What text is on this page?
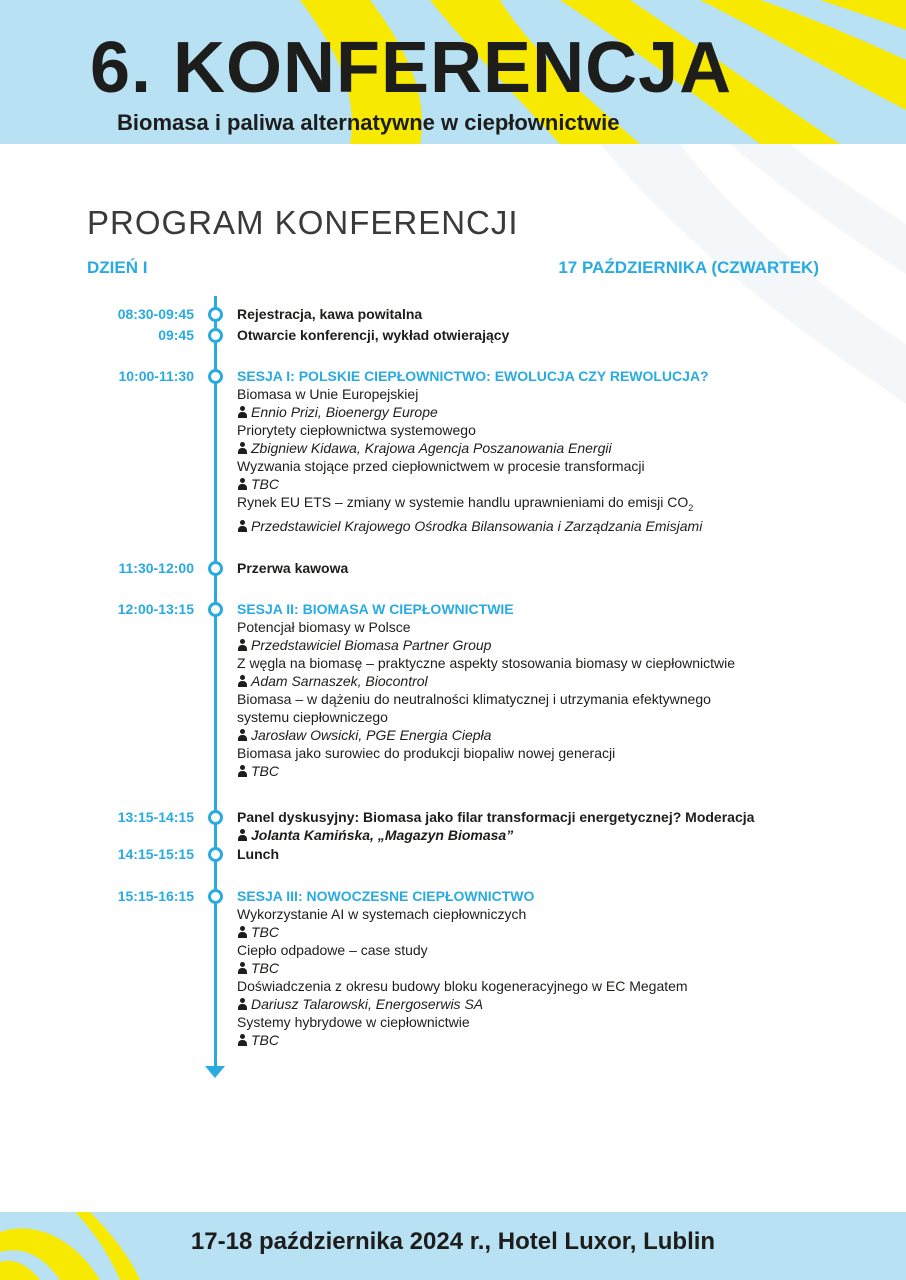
6. KONFERENCJA
Biomasa i paliwa alternatywne w ciepłownictwie
PROGRAM KONFERENCJI
DZIEŃ I	17 PAŹDZIERNIKA (CZWARTEK)
08:30-09:45	Rejestracja, kawa powitalna
09:45	Otwarcie konferencji, wykład otwierający
10:00-11:30	SESJA I: POLSKIE CIEPŁOWNICTWO: EWOLUCJA CZY REWOLUCJA?
Biomasa w Unie Europejskiej
Ennio Prizi, Bioenergy Europe
Priorytety ciepłownictwa systemowego
Zbigniew Kidawa, Krajowa Agencja Poszanowania Energii
Wyzwania stojące przed ciepłownictwem w procesie transformacji
TBC
Rynek EU ETS – zmiany w systemie handlu uprawnieniami do emisji $CO_2$
Przedstawiciel Krajowego Ośrodka Bilansowania i Zarządzania Emisjami
11:30-12:00	Przerwa kawowa
12:00-13:15	SESJA II: BIOMASA W CIEPŁOWNICTWIE
Potencjał biomasy w Polsce
Przedstawiciel Biomasa Partner Group
Z węgla na biomasę – praktyczne aspekty stosowania biomasy w ciepłownictwie
Adam Sarnaszek, Biocontrol
Biomasa – w dążeniu do neutralności klimatycznej i utrzymania efektywnego
systemu ciepłowniczego
Jarosław Owsicki, PGE Energia Ciepła
Biomasa jako surowiec do produkcji biopaliw nowej generacji
TBC
13:15-14:15	Panel dyskusyjny: Biomasa jako filar transformacji energetycznej? Moderacja
Jolanta Kamińska, „Magazyn Biomasa”
14:15-15:15	Lunch
15:15-16:15	SESJA III: NOWOCZESNE CIEPŁOWNICTWO
Wykorzystanie AI w systemach ciepłowniczych
TBC
Ciepło odpadowe – case study
TBC
Doświadczenia z okresu budowy bloku kogeneracyjnego w EC Megatem
Dariusz Talarowski, Energoserwis SA
Systemy hybrydowe w ciepłownictwie
TBC
17-18 października 2024 r., Hotel Luxor, Lublin
